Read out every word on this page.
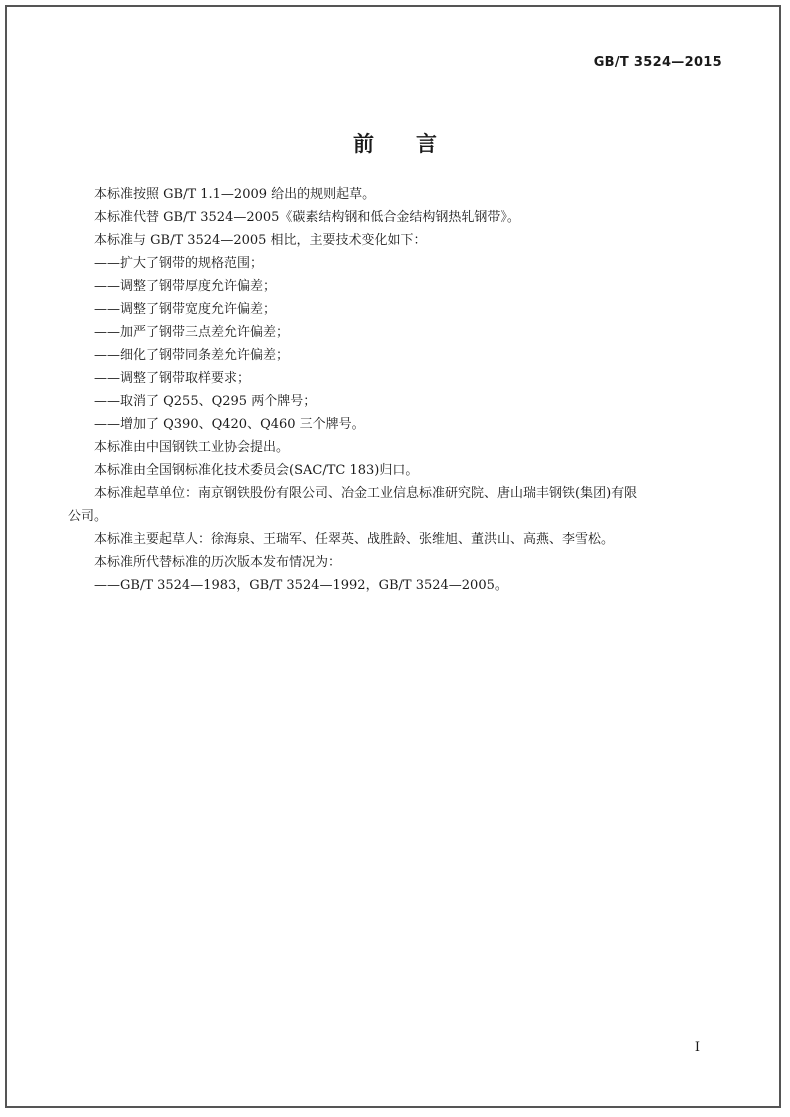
GB/T 3524—2015
前 言

本标准按照 GB/T 1.1—2009 给出的规则起草。

本标准代替 GB/T 3524—2005《碳素结构钢和低合金结构钢热轧钢带》。

本标准与 GB/T 3524—2005 相比，主要技术变化如下：

——扩大了钢带的规格范围；

——调整了钢带厚度允许偏差；

——调整了钢带宽度允许偏差；

——加严了钢带三点差允许偏差；

——细化了钢带同条差允许偏差；

——调整了钢带取样要求；

——取消了 Q255、Q295 两个牌号；

——增加了 Q390、Q420、Q460 三个牌号。

本标准由中国钢铁工业协会提出。

本标准由全国钢标准化技术委员会(SAC/TC 183)归口。

本标准起草单位：南京钢铁股份有限公司、冶金工业信息标准研究院、唐山瑞丰钢铁(集团)有限

公司。

本标准主要起草人：徐海泉、王瑞军、任翠英、战胜龄、张维旭、董洪山、高燕、李雪松。

本标准所代替标准的历次版本发布情况为：

——GB/T 3524—1983，GB/T 3524—1992，GB/T 3524—2005。

I
